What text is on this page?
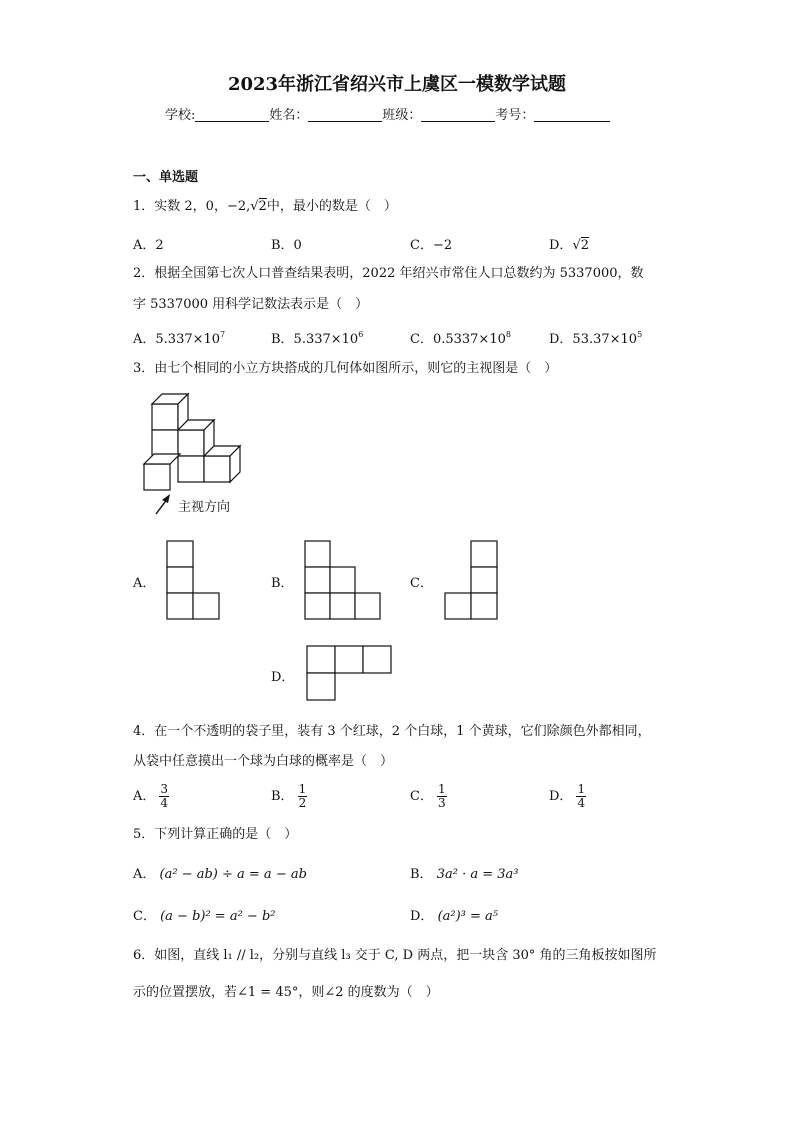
2023年浙江省绍兴市上虞区一模数学试题
学校:	姓名：	班级：	考号：
一、单选题
1．实数 2，0，−2,√2中，最小的数是（　）
A．2	B．0	C．−2	D．√2
2．根据全国第七次人口普查结果表明，2022 年绍兴市常住人口总数约为 5337000，数
字 5337000 用科学记数法表示是（　）
A．$5.337\times 10^7$	B．$5.337\times 10^6$	C．$0.5337\times 10^8$	D．$53.37\times 10^5$
3．由七个相同的小立方块搭成的几何体如图所示，则它的主视图是（　）
主视方向
A．	B．	C．
D．
4．在一个不透明的袋子里，装有 3 个红球，2 个白球，1 个黄球，它们除颜色外都相同，
从袋中任意摸出一个球为白球的概率是（　）
A． $\frac{3}{4}$	B． $\frac{1}{2}$	C． $\frac{1}{3}$	D． $\frac{1}{4}$
5．下列计算正确的是（　）
A． (a² − ab) ÷ a = a − ab	B． 3a² · a = 3a³
C． (a − b)² = a² − b²	D． (a²)³ = a⁵
6．如图，直线 l₁ // l₂，分别与直线 l₃ 交于 C, D 两点，把一块含 30° 角的三角板按如图所
示的位置摆放，若∠1 = 45°，则∠2 的度数为（　）
